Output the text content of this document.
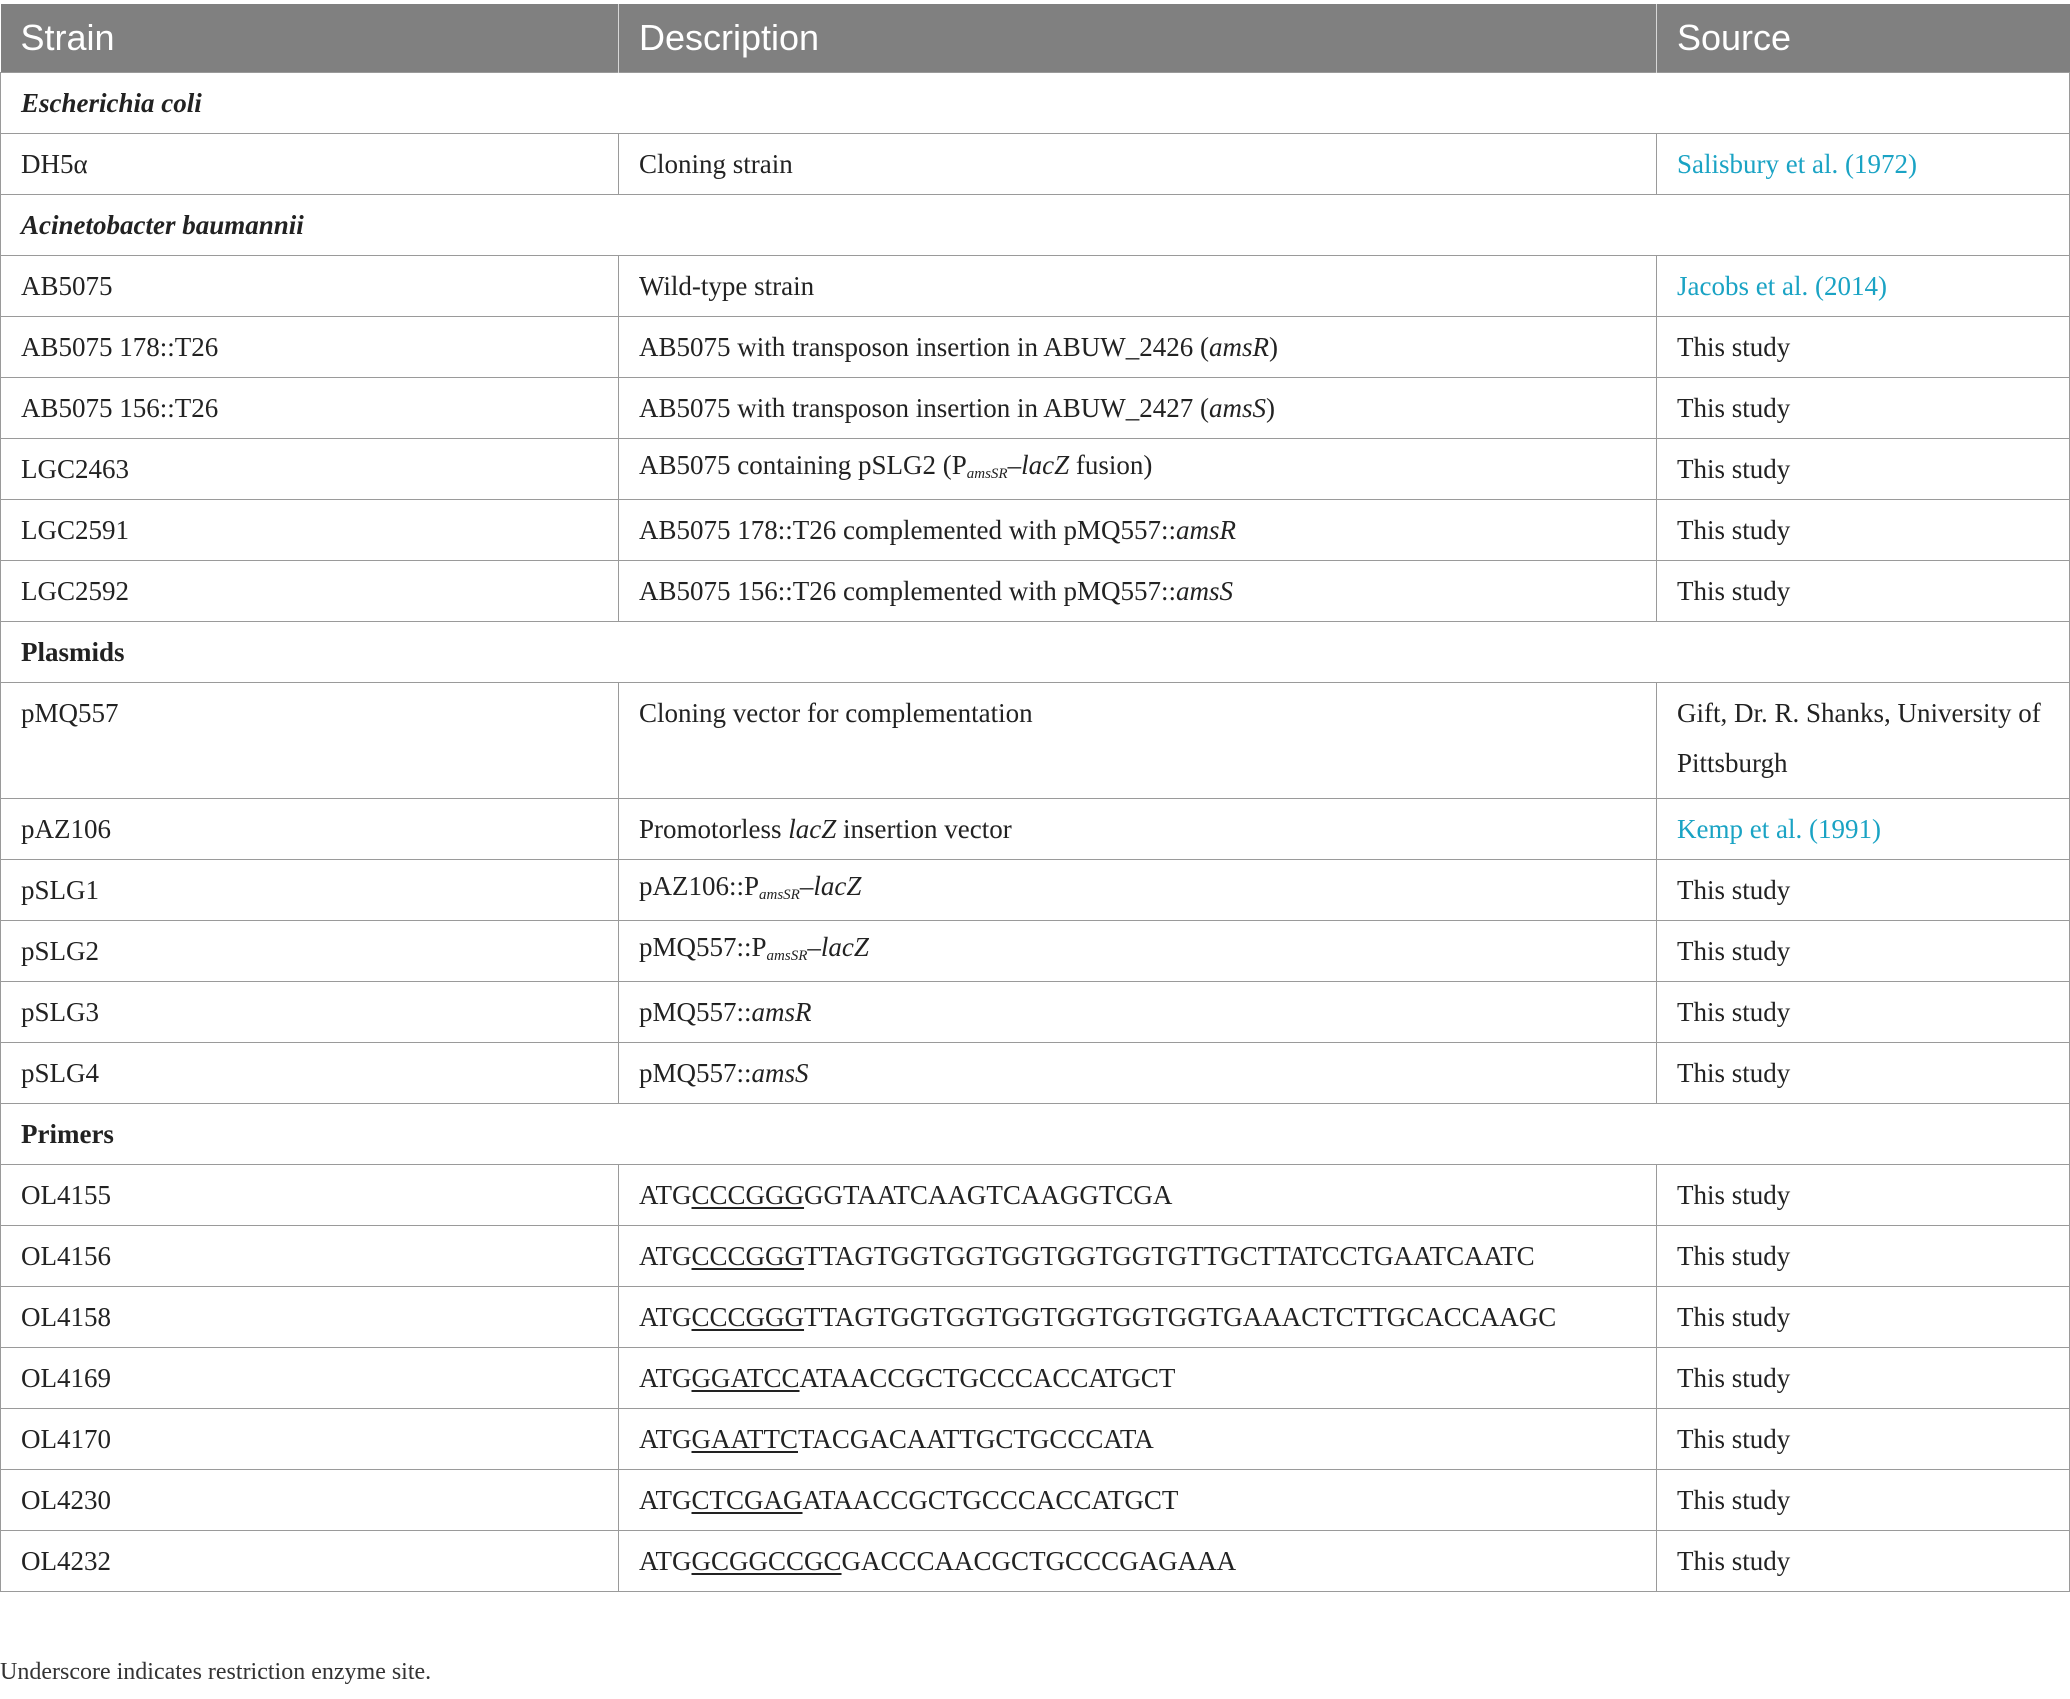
Strain	Description	Source
Escherichia coli		
DH5α	Cloning strain	Salisbury et al. (1972)
Acinetobacter baumannii		
AB5075	Wild-type strain	Jacobs et al. (2014)
AB5075 178::T26	AB5075 with transposon insertion in ABUW_2426 (amsR)	This study
AB5075 156::T26	AB5075 with transposon insertion in ABUW_2427 (amsS)	This study
LGC2463	AB5075 containing pSLG2 ($P_{amsSR}$–lacZ fusion)	This study
LGC2591	AB5075 178::T26 complemented with pMQ557::amsR	This study
LGC2592	AB5075 156::T26 complemented with pMQ557::amsS	This study
Plasmids		
pMQ557	Cloning vector for complementation	Gift, Dr. R. Shanks, University of Pittsburgh
pAZ106	Promotorless lacZ insertion vector	Kemp et al. (1991)
pSLG1	$pAZ106::P_{amsSR}$–lacZ	This study
pSLG2	$pMQ557::P_{amsSR}$–lacZ	This study
pSLG3	pMQ557::amsR	This study
pSLG4	pMQ557::amsS	This study
Primers		
OL4155	ATGCCCGGGGGTAATCAAGTCAAGGTCGA	This study
OL4156	ATGCCCGGGTTAGTGGTGGTGGTGGTGGTGTTGCTTATCCTGAATCAATC	This study
OL4158	ATGCCCGGGTTAGTGGTGGTGGTGGTGGTGGTGAAACTCTTGCACCAAGC	This study
OL4169	ATGGGATCCATAACCGCTGCCCACCATGCT	This study
OL4170	ATGGAATTCTACGACAATTGCTGCCCATA	This study
OL4230	ATGCTCGAGATAACCGCTGCCCACCATGCT	This study
OL4232	ATGGCGGCCGCGACCCAACGCTGCCCGAGAAA	This study
Underscore indicates restriction enzyme site.
